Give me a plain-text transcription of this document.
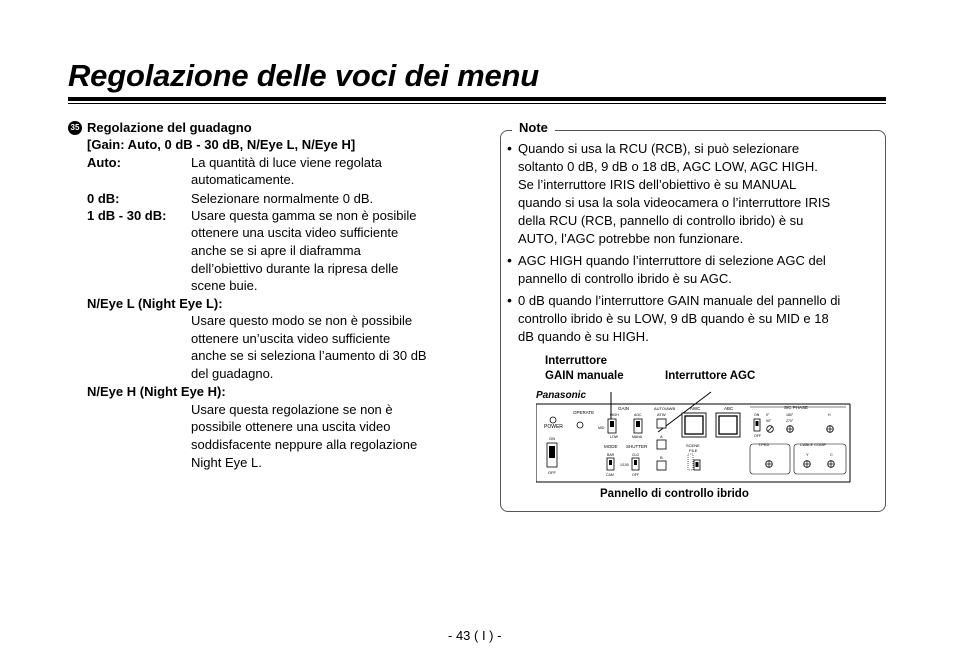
Regolazione delle voci dei menu
35 Regolazione del guadagno
[Gain: Auto, 0 dB - 30 dB, N/Eye L, N/Eye H]
Auto:	La quantità di luce viene regolata
automaticamente.
0 dB:	Selezionare normalmente 0 dB.
1 dB - 30 dB: Usare questa gamma se non è posibile
ottenere una uscita video sufficiente
anche se si apre il diaframma
dell’obiettivo durante la ripresa delle
scene buie.
N/Eye L (Night Eye L):
Usare questo modo se non è possibile
ottenere un’uscita video sufficiente
anche se si seleziona l’aumento di 30 dB
del guadagno.
N/Eye H (Night Eye H):
Usare questa regolazione se non è
possibile ottenere una uscita video
soddisfacente neppure alla regolazione
Night Eye L.
Note
• Quando si usa la RCU (RCB), si può selezionare
soltanto 0 dB, 9 dB o 18 dB, AGC LOW, AGC HIGH.
Se l’interruttore IRIS dell’obiettivo è su MANUAL
quando si usa la sola videocamera o l’interruttore IRIS
della RCU (RCB, pannello di controllo ibrido) è su
AUTO, l’AGC potrebbe non funzionare.
• AGC HIGH quando l’interruttore di selezione AGC del
pannello di controllo ibrido è su AGC.
• 0 dB quando l’interruttore GAIN manuale del pannello di
controllo ibrido è su LOW, 9 dB quando è su MID e 18
dB quando è su HIGH.
Interruttore
GAIN manuale	Interruttore AGC
Panasonic
POWER
ON
OFF
OPERATE
GAIN
HIGH
MID
LOW
AGC
MANU
AUTO/AWB
ATW
A
B
AWC	ABC
MODE SHUTTER
BAR
CAM
CLD
1/100
OFF
SCENE
FILE
S/C PHASE
ON
OFF
0°
90°
180°
270°
H
T.PED	CABLE COMP
Y	C
Pannello di controllo ibrido
- 43 ( I ) -
